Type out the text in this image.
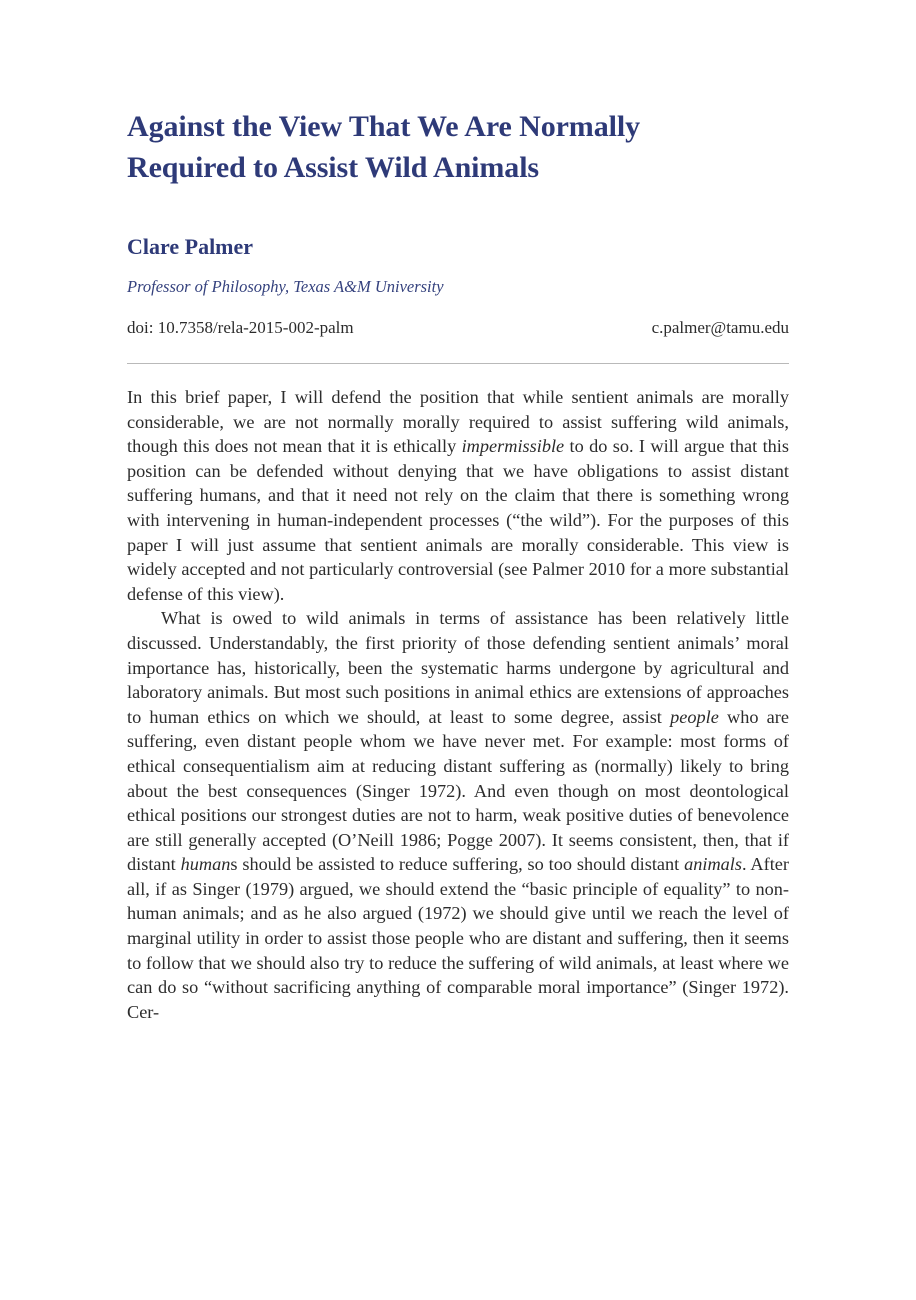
Against the View That We Are Normally
Required to Assist Wild Animals
Clare Palmer
Professor of Philosophy, Texas A&M University
doi: 10.7358/rela-2015-002-palm	c.palmer@tamu.edu

In this brief paper, I will defend the position that while sentient animals are morally considerable, we are not normally morally required to assist suffering wild animals, though this does not mean that it is ethically impermissible to do so. I will argue that this position can be defended without denying that we have obligations to assist distant suffering humans, and that it need not rely on the claim that there is something wrong with intervening in human-independent processes (“the wild”). For the purposes of this paper I will just assume that sentient animals are morally considerable. This view is widely accepted and not particularly controversial (see Palmer 2010 for a more substantial defense of this view).

What is owed to wild animals in terms of assistance has been relatively little discussed. Understandably, the first priority of those defending sentient animals’ moral importance has, historically, been the systematic harms undergone by agricultural and laboratory animals. But most such positions in animal ethics are extensions of approaches to human ethics on which we should, at least to some degree, assist people who are suffering, even distant people whom we have never met. For example: most forms of ethical consequentialism aim at reducing distant suffering as (normally) likely to bring about the best consequences (Singer 1972). And even though on most deontological ethical positions our strongest duties are not to harm, weak positive duties of benevolence are still generally accepted (O’Neill 1986; Pogge 2007). It seems consistent, then, that if distant humans should be assisted to reduce suffering, so too should distant animals. After all, if as Singer (1979) argued, we should extend the “basic principle of equality” to non-human animals; and as he also argued (1972) we should give until we reach the level of marginal utility in order to assist those people who are distant and suffering, then it seems to follow that we should also try to reduce the suffering of wild animals, at least where we can do so “without sacrificing anything of comparable moral importance” (Singer 1972). Cer-
